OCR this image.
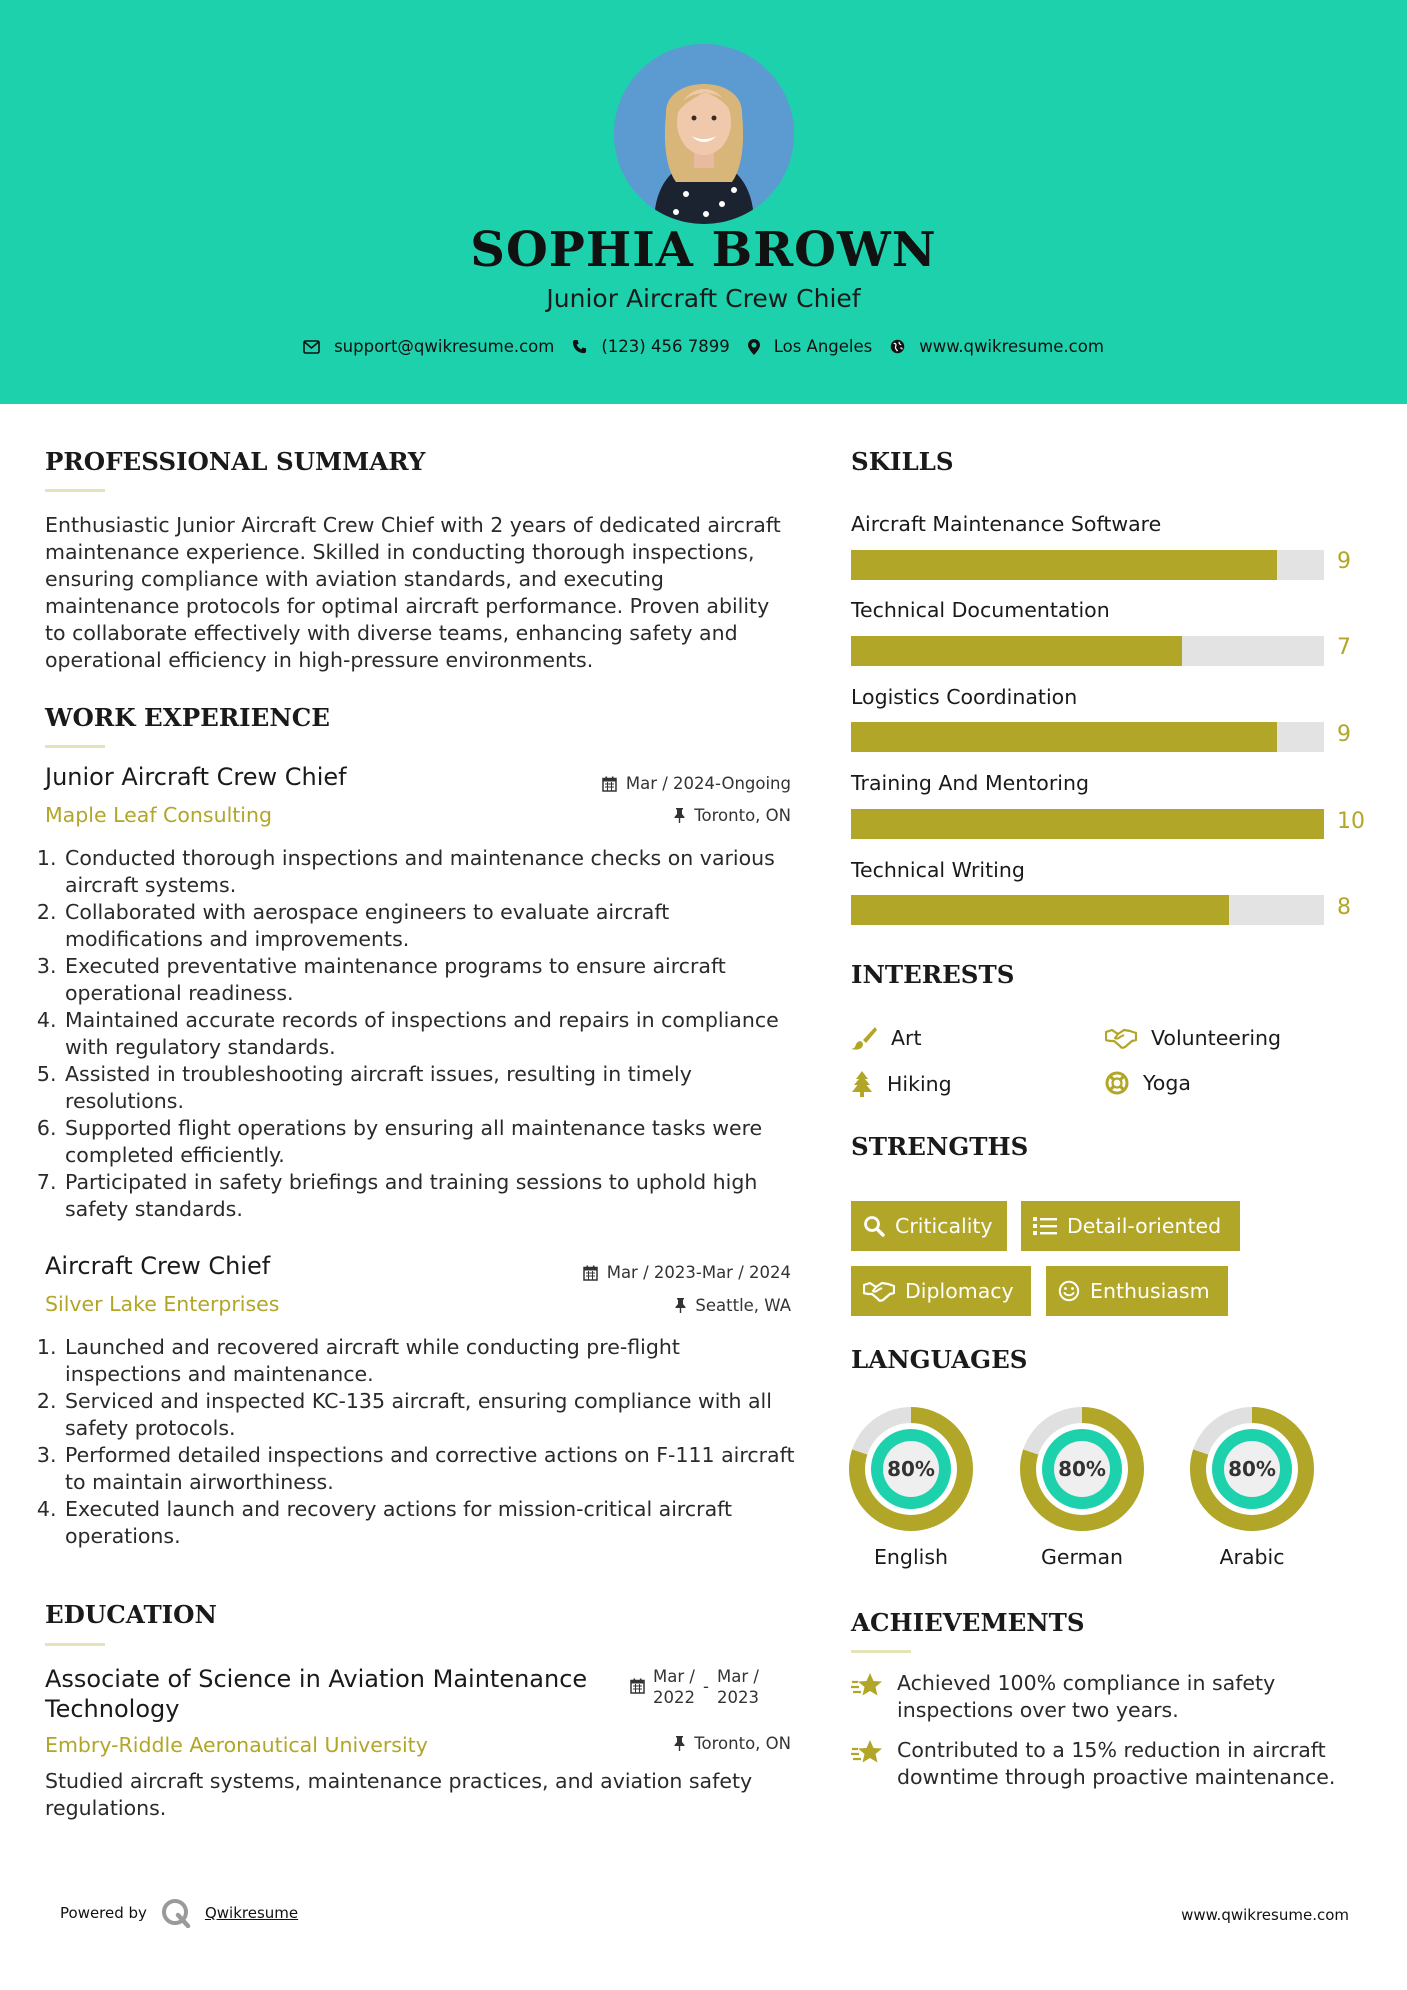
SOPHIA BROWN
Junior Aircraft Crew Chief
support@qwikresume.com	(123) 456 7899	Los Angeles	www.qwikresume.com
PROFESSIONAL SUMMARY
Enthusiastic Junior Aircraft Crew Chief with 2 years of dedicated aircraft maintenance experience. Skilled in conducting thorough inspections, ensuring compliance with aviation standards, and executing maintenance protocols for optimal aircraft performance. Proven ability to collaborate effectively with diverse teams, enhancing safety and operational efficiency in high-pressure environments.
WORK EXPERIENCE
Junior Aircraft Crew Chief	Mar / 2024-Ongoing
Maple Leaf Consulting	Toronto, ON
1. Conducted thorough inspections and maintenance checks on various aircraft systems.
2. Collaborated with aerospace engineers to evaluate aircraft modifications and improvements.
3. Executed preventative maintenance programs to ensure aircraft operational readiness.
4. Maintained accurate records of inspections and repairs in compliance with regulatory standards.
5. Assisted in troubleshooting aircraft issues, resulting in timely resolutions.
6. Supported flight operations by ensuring all maintenance tasks were completed efficiently.
7. Participated in safety briefings and training sessions to uphold high safety standards.
Aircraft Crew Chief	Mar / 2023-Mar / 2024
Silver Lake Enterprises	Seattle, WA
1. Launched and recovered aircraft while conducting pre-flight inspections and maintenance.
2. Serviced and inspected KC-135 aircraft, ensuring compliance with all safety protocols.
3. Performed detailed inspections and corrective actions on F-111 aircraft to maintain airworthiness.
4. Executed launch and recovery actions for mission-critical aircraft operations.
EDUCATION
Associate of Science in Aviation Maintenance
Technology
Mar /
2022
-
Mar /
2023
Embry-Riddle Aeronautical University	Toronto, ON
Studied aircraft systems, maintenance practices, and aviation safety regulations.
SKILLS
Aircraft Maintenance Software
9
Technical Documentation
7
Logistics Coordination
9
Training And Mentoring
10
Technical Writing
8
INTERESTS
Art	Volunteering
Hiking	Yoga
STRENGTHS
Criticality	Detail-oriented
Diplomacy	Enthusiasm
LANGUAGES
80%
English
80%
German
80%
Arabic
ACHIEVEMENTS
Achieved 100% compliance in safety inspections over two years.
Contributed to a 15% reduction in aircraft downtime through proactive maintenance.
Powered by	Qwikresume	www.qwikresume.com
